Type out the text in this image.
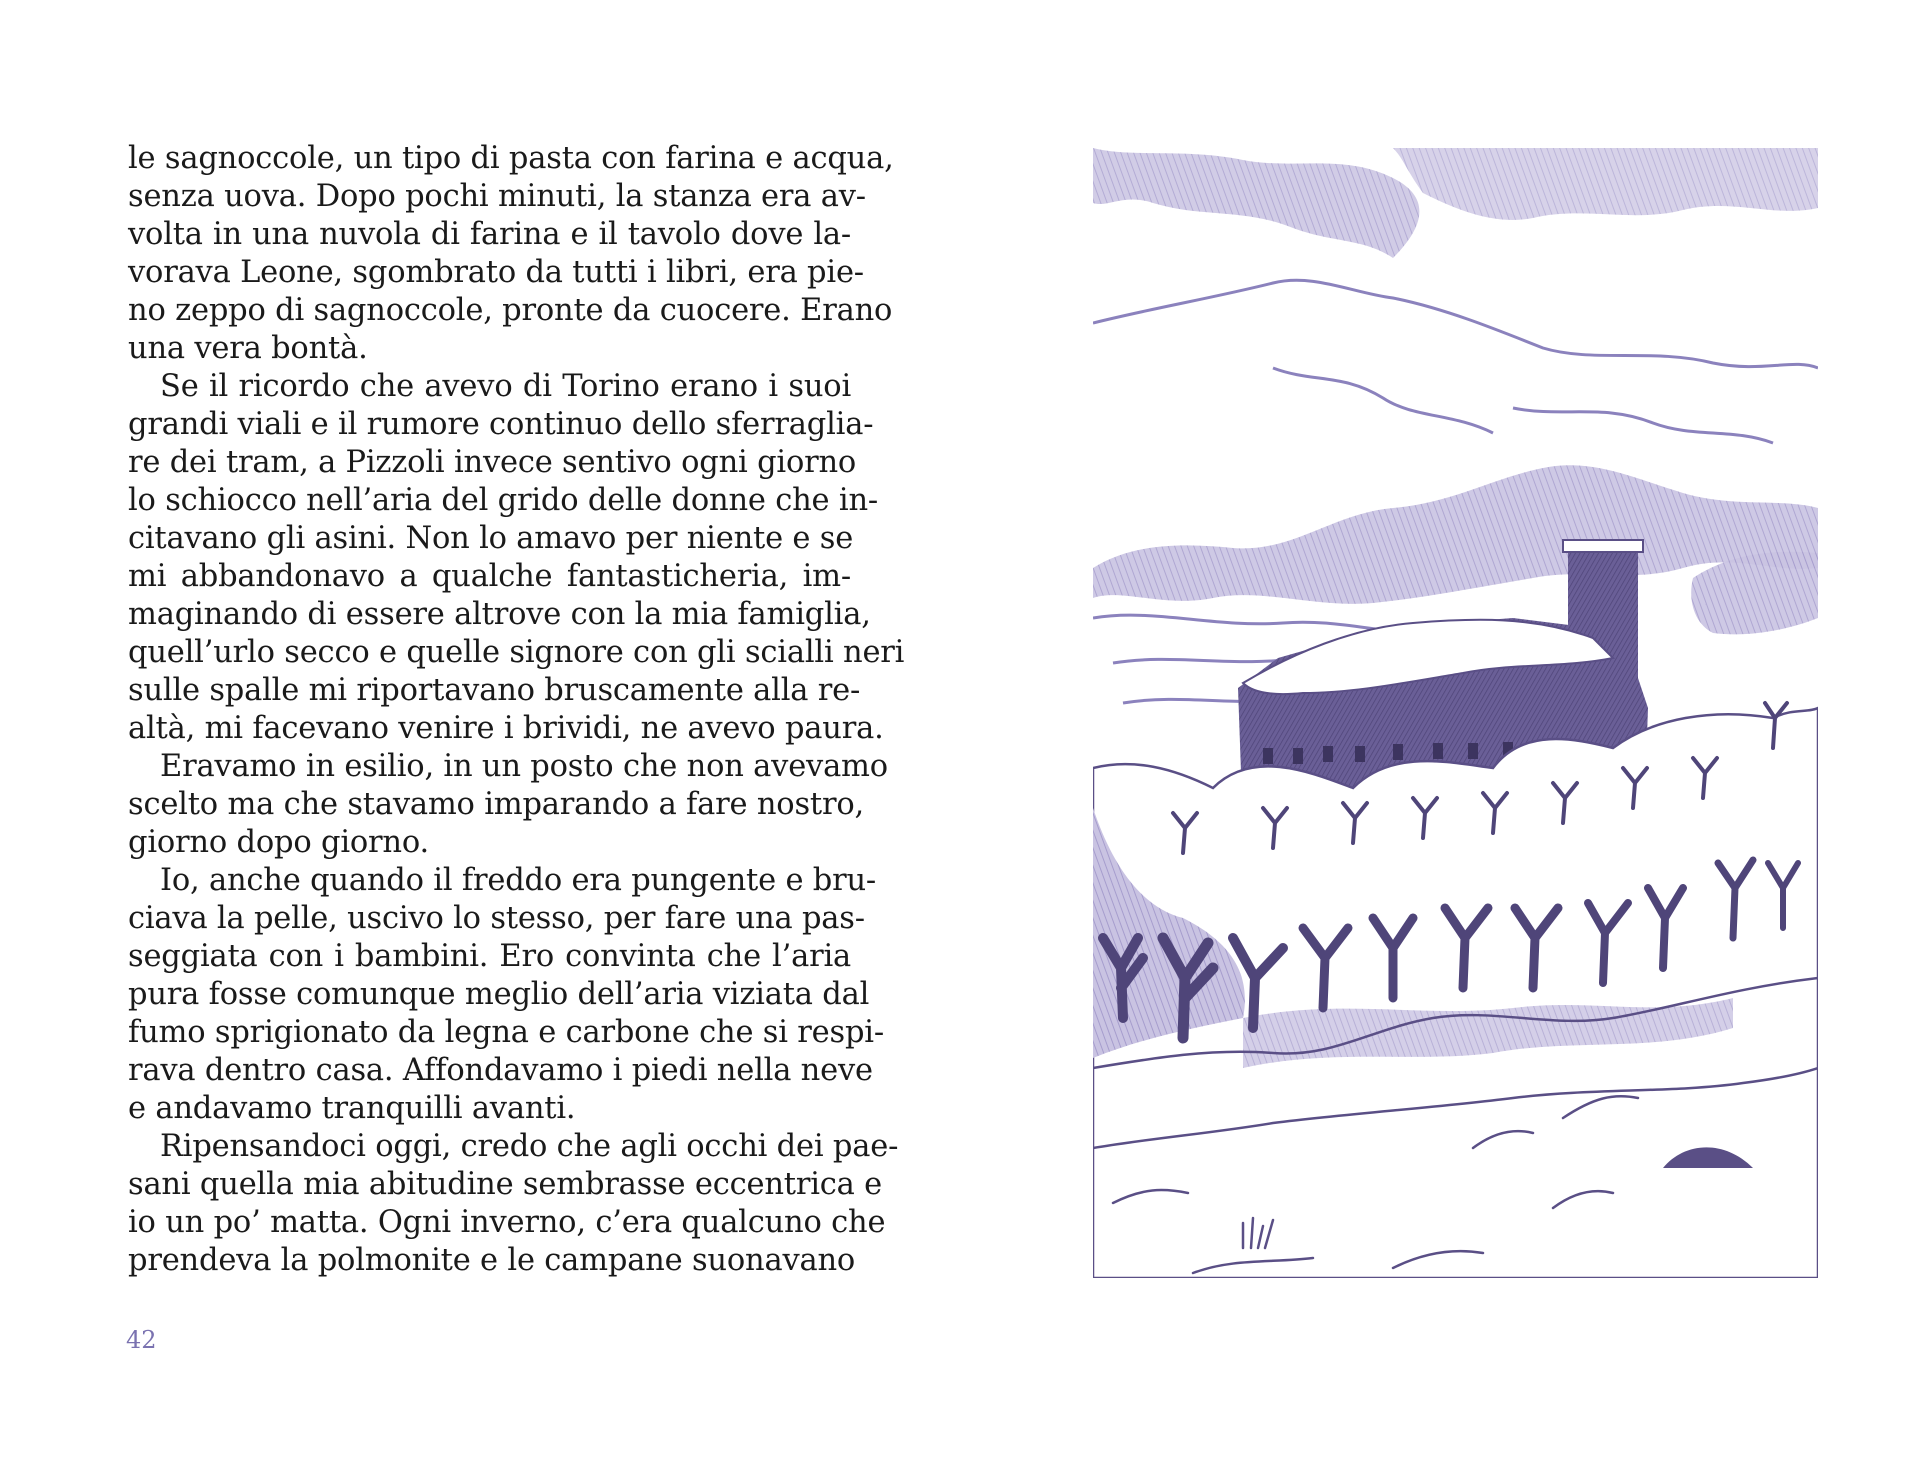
le sagnoccole, un tipo di pasta con farina e acqua,
senza uova. Dopo pochi minuti, la stanza era av-
volta in una nuvola di farina e il tavolo dove la-
vorava Leone, sgombrato da tutti i libri, era pie-
no zeppo di sagnoccole, pronte da cuocere. Erano
una vera bontà.
Se il ricordo che avevo di Torino erano i suoi
grandi viali e il rumore continuo dello sferraglia-
re dei tram, a Pizzoli invece sentivo ogni giorno
lo schiocco nell’aria del grido delle donne che in-
citavano gli asini. Non lo amavo per niente e se
mi abbandonavo a qualche fantasticheria, im-
maginando di essere altrove con la mia famiglia,
quell’urlo secco e quelle signore con gli scialli neri
sulle spalle mi riportavano bruscamente alla re-
altà, mi facevano venire i brividi, ne avevo paura.
Eravamo in esilio, in un posto che non avevamo
scelto ma che stavamo imparando a fare nostro,
giorno dopo giorno.
Io, anche quando il freddo era pungente e bru-
ciava la pelle, uscivo lo stesso, per fare una pas-
seggiata con i bambini. Ero convinta che l’aria
pura fosse comunque meglio dell’aria viziata dal
fumo sprigionato da legna e carbone che si respi-
rava dentro casa. Affondavamo i piedi nella neve
e andavamo tranquilli avanti.
Ripensandoci oggi, credo che agli occhi dei pae-
sani quella mia abitudine sembrasse eccentrica e
io un po’ matta. Ogni inverno, c’era qualcuno che
prendeva la polmonite e le campane suonavano
42
